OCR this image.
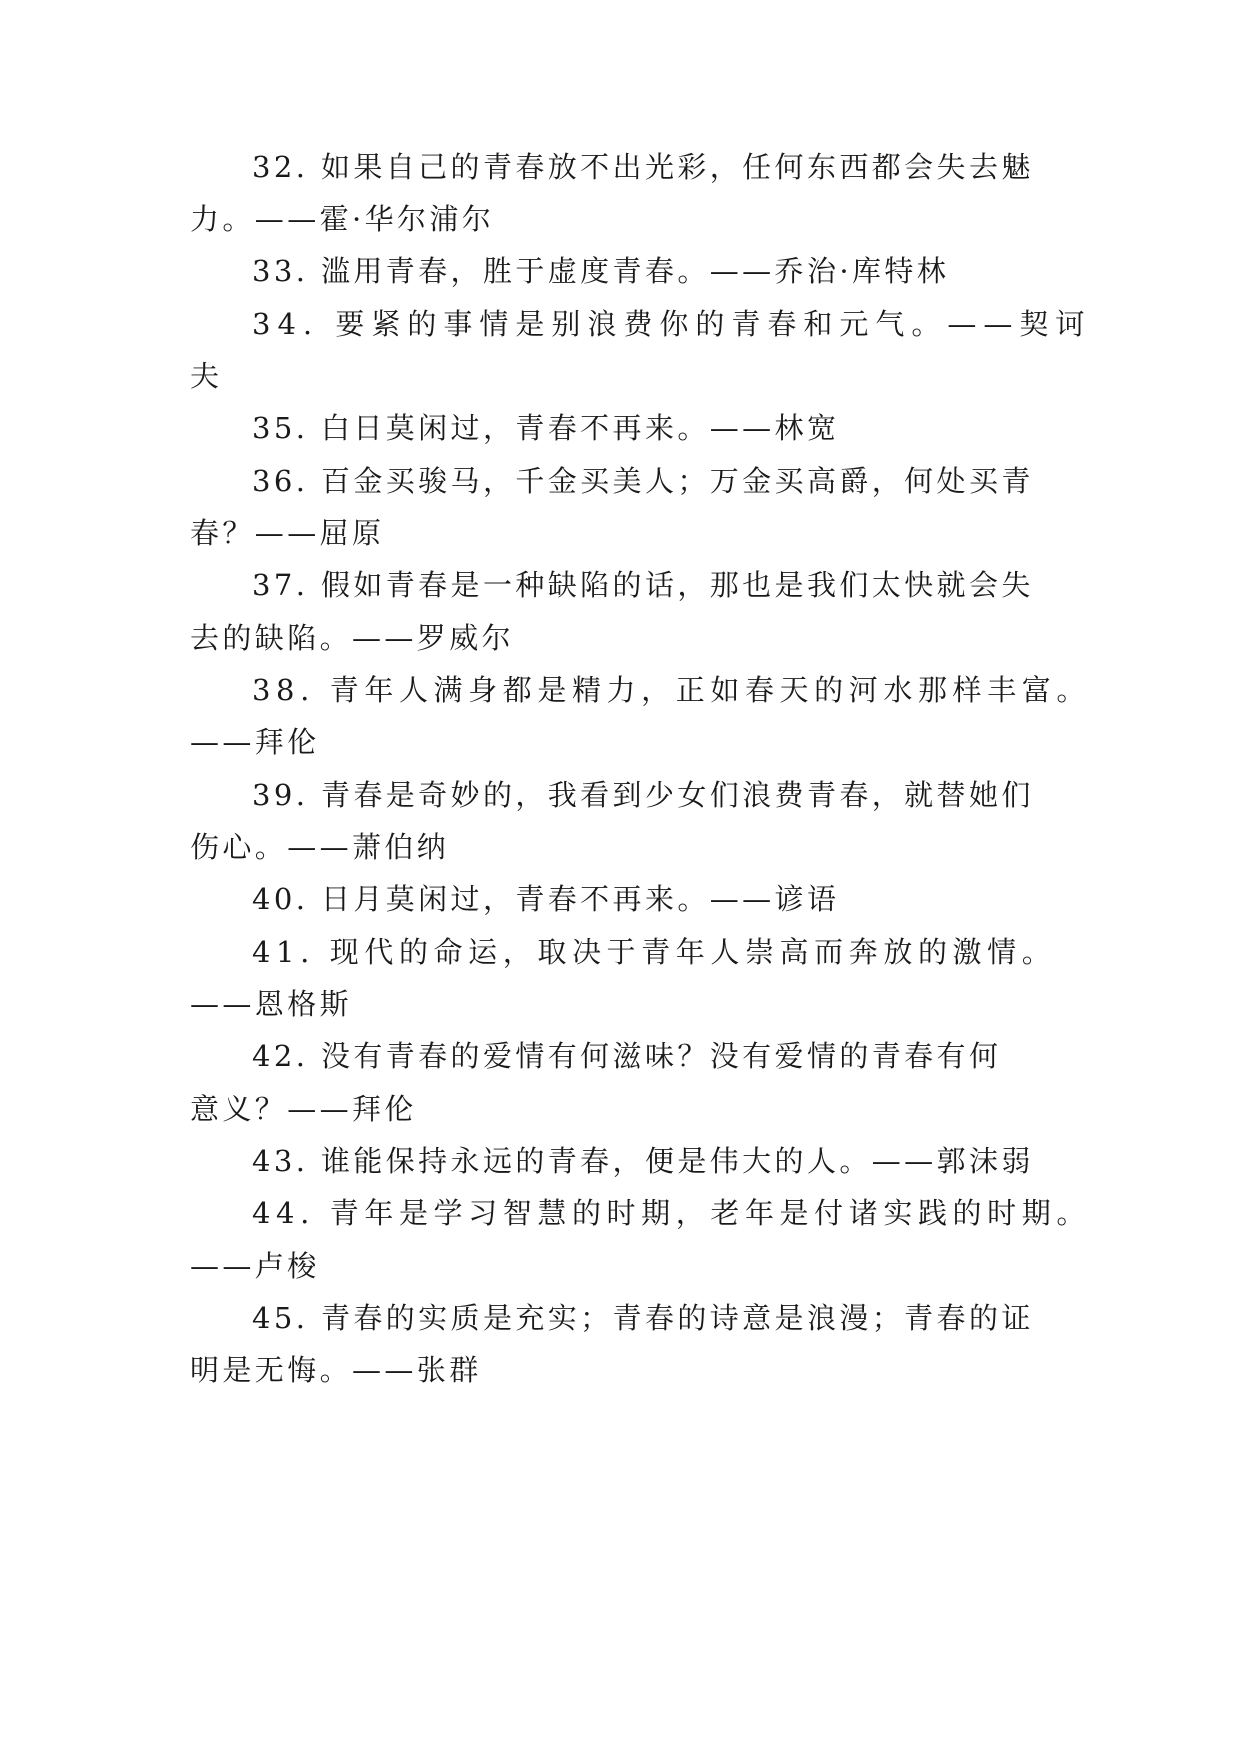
32. 如果自己的青春放不出光彩，任何东西都会失去魅
力。——霍·华尔浦尔
33. 滥用青春，胜于虚度青春。——乔治·库特林
34. 要紧的事情是别浪费你的青春和元气。——契诃
夫
35. 白日莫闲过，青春不再来。——林宽
36. 百金买骏马，千金买美人；万金买高爵，何处买青
春？——屈原
37. 假如青春是一种缺陷的话，那也是我们太快就会失
去的缺陷。——罗威尔
38. 青年人满身都是精力，正如春天的河水那样丰富。
——拜伦
39. 青春是奇妙的，我看到少女们浪费青春，就替她们
伤心。——萧伯纳
40. 日月莫闲过，青春不再来。——谚语
41. 现代的命运，取决于青年人崇高而奔放的激情。
——恩格斯
42. 没有青春的爱情有何滋味？没有爱情的青春有何
意义？——拜伦
43. 谁能保持永远的青春，便是伟大的人。——郭沫弱
44. 青年是学习智慧的时期，老年是付诸实践的时期。
——卢梭
45. 青春的实质是充实；青春的诗意是浪漫；青春的证
明是无悔。——张群
